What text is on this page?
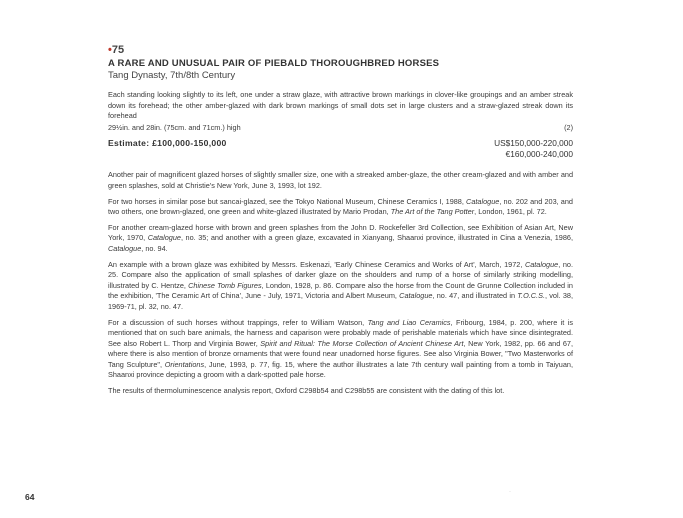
•75
A RARE AND UNUSUAL PAIR OF PIEBALD THOROUGHBRED HORSES
Tang Dynasty, 7th/8th Century

Each standing looking slightly to its left, one under a straw glaze, with attractive brown markings in clover-like groupings and an amber streak down its forehead; the other amber-glazed with dark brown markings of small dots set in large clusters and a straw-glazed streak down its forehead

29½in. and 28in. (75cm. and 71cm.) high	(2)
Estimate: £100,000-150,000	US$150,000-220,000
€160,000-240,000

Another pair of magnificent glazed horses of slightly smaller size, one with a streaked amber-glaze, the other cream-glazed and with amber and green splashes, sold at Christie's New York, June 3, 1993, lot 192.

For two horses in similar pose but sancai-glazed, see the Tokyo National Museum, Chinese Ceramics I, 1988, Catalogue, no. 202 and 203, and two others, one brown-glazed, one green and white-glazed illustrated by Mario Prodan, The Art of the Tang Potter, London, 1961, pl. 72.

For another cream-glazed horse with brown and green splashes from the John D. Rockefeller 3rd Collection, see Exhibition of Asian Art, New York, 1970, Catalogue, no. 35; and another with a green glaze, excavated in Xianyang, Shaanxi province, illustrated in Cina a Venezia, 1986, Catalogue, no. 94.

An example with a brown glaze was exhibited by Messrs. Eskenazi, 'Early Chinese Ceramics and Works of Art', March, 1972, Catalogue, no. 25. Compare also the application of small splashes of darker glaze on the shoulders and rump of a horse of similarly striking modelling, illustrated by C. Hentze, Chinese Tomb Figures, London, 1928, p. 86. Compare also the horse from the Count de Grunne Collection included in the exhibition, 'The Ceramic Art of China', June - July, 1971, Victoria and Albert Museum, Catalogue, no. 47, and illustrated in T.O.C.S., vol. 38, 1969-71, pl. 32, no. 47.

For a discussion of such horses without trappings, refer to William Watson, Tang and Liao Ceramics, Fribourg, 1984, p. 200, where it is mentioned that on such bare animals, the harness and caparison were probably made of perishable materials which have since disintegrated. See also Robert L. Thorp and Virginia Bower, Spirit and Ritual: The Morse Collection of Ancient Chinese Art, New York, 1982, pp. 66 and 67, where there is also mention of bronze ornaments that were found near unadorned horse figures. See also Virginia Bower, "Two Masterworks of Tang Sculpture", Orientations, June, 1993, p. 77, fig. 15, where the author illustrates a late 7th century wall painting from a tomb in Taiyuan, Shaanxi province depicting a groom with a dark-spotted pale horse.

The results of thermoluminescence analysis report, Oxford C298b54 and C298b55 are consistent with the dating of this lot.

64	·
